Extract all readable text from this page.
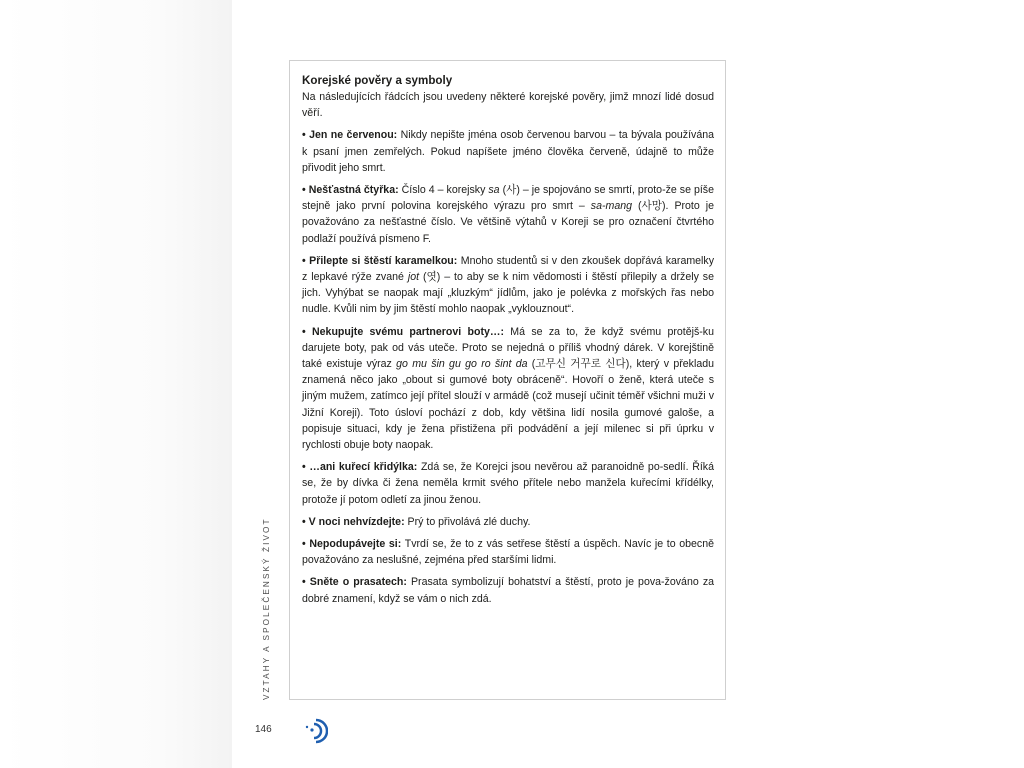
Korejské pověry a symboly

Na následujících řádcích jsou uvedeny některé korejské pověry, jimž mnozí lidé dosud věří.

• Jen ne červenou: Nikdy nepište jména osob červenou barvou – ta bývala používána k psaní jmen zemřelých. Pokud napíšete jméno člověka červeně, údajně to může přivodit jeho smrt.

• Nešťastná čtyřka: Číslo 4 – korejsky sa (사) – je spojováno se smrtí, proto-že se píše stejně jako první polovina korejského výrazu pro smrt – sa-mang (사망). Proto je považováno za nešťastné číslo. Ve většině výtahů v Koreji se pro označení čtvrtého podlaží používá písmeno F.

• Přilepte si štěstí karamelkou: Mnoho studentů si v den zkoušek dopřává karamelky z lepkavé rýže zvané jot (엿) – to aby se k nim vědomosti i štěstí přilepily a držely se jich. Vyhýbat se naopak mají „kluzkým“ jídlům, jako je polévka z mořských řas nebo nudle. Kvůli nim by jim štěstí mohlo naopak „vyklouznout“.

• Nekupujte svému partnerovi boty…: Má se za to, že když svému protějš-ku darujete boty, pak od vás uteče. Proto se nejedná o příliš vhodný dárek. V korejštině také existuje výraz go mu šin gu go ro šint da (고무신 거꾸로 신다), který v překladu znamená něco jako „obout si gumové boty obráceně“. Hovoří o ženě, která uteče s jiným mužem, zatímco její přítel slouží v armádě (což musejí učinit téměř všichni muži v Jižní Koreji). Toto úsloví pochází z dob, kdy většina lidí nosila gumové galoše, a popisuje situaci, kdy je žena přistižena při podvádění a její milenec si při úprku v rychlosti obuje boty naopak.

• …ani kuřecí křidýlka: Zdá se, že Korejci jsou nevěrou až paranoidně po-sedlí. Říká se, že by dívka či žena neměla krmit svého přítele nebo manžela kuřecími křídélky, protože jí potom odletí za jinou ženou.

• V noci nehvízdejte: Prý to přivolává zlé duchy.

• Nepodupávejte si: Tvrdí se, že to z vás setřese štěstí a úspěch. Navíc je to obecně považováno za neslušné, zejména před staršími lidmi.

• Sněte o prasatech: Prasata symbolizují bohatství a štěstí, proto je pova-žováno za dobré znamení, když se vám o nich zdá.

VZTAHY A SPOLEČENSKÝ ŽIVOT
146
